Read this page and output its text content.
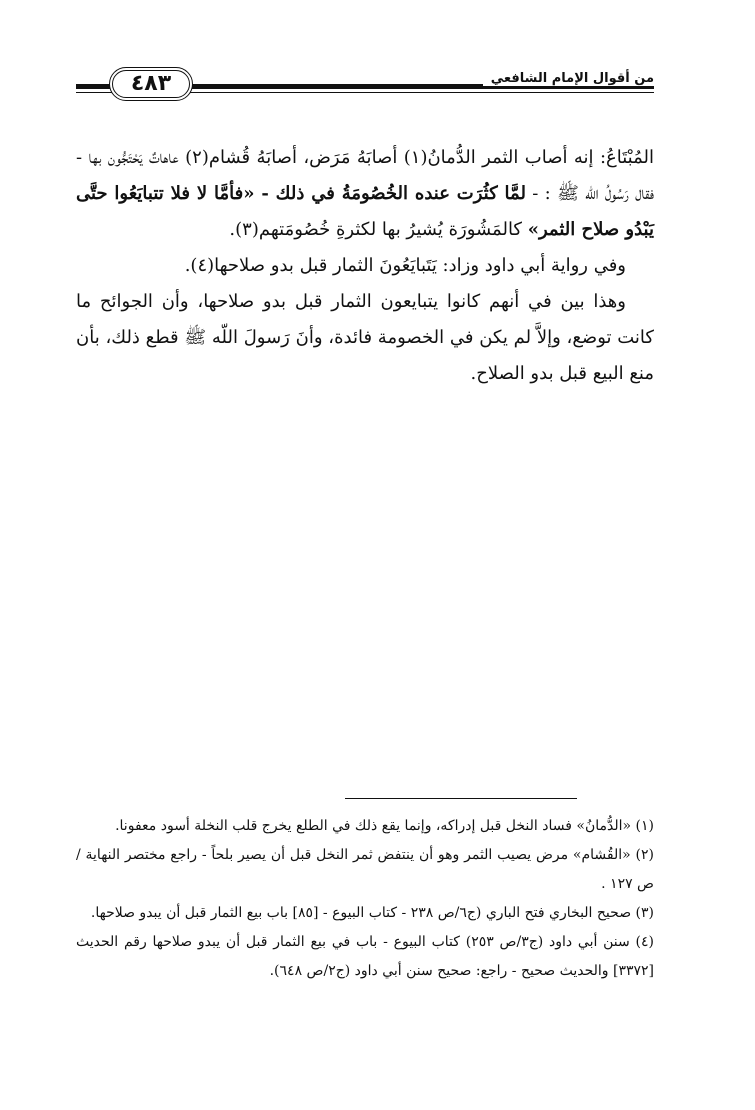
٤٨٣	من أقوال الإمام الشافعي

المُبْتَاعُ: إنه أصاب الثمر الدُّمانُ(١) أصابَهُ مَرَض، أصابَهُ قُشام(٢) عاهاتٌ يَحْتَجُّون بها - فقال رَسُولُ اللّه ﷺ : - لمَّا كثُرَت عنده الخُصُومَةُ في ذلك - «فأمَّا لا فلا تتبايَعُوا حتَّى يَبْدُو صلاح الثمر» كالمَشُورَة يُشيرُ بها لكثرةِ خُصُومَتهم(٣).

وفي رواية أبي داود وزاد: يَتَبايَعُونَ الثمار قبل بدو صلاحها(٤).

وهذا بين في أنهم كانوا يتبايعون الثمار قبل بدو صلاحها، وأن الجوائح ما كانت توضع، وإلاَّ لم يكن في الخصومة فائدة، وأنَ رَسولَ اللّه ﷺ قطع ذلك، بأن منع البيع قبل بدو الصلاح.

(١) «الدُّمانُ» فساد النخل قبل إدراكه، وإنما يقع ذلك في الطلع يخرج قلب النخلة أسود معفونا.

(٢) «القُشام» مرض يصيب الثمر وهو أن ينتفض ثمر النخل قبل أن يصير بلحاً - راجع مختصر النهاية / ص ١٢٧ .

(٣) صحيح البخاري فتح الباري (ج٦/ص ٢٣٨ - كتاب البيوع - [٨٥] باب بيع الثمار قبل أن يبدو صلاحها.

(٤) سنن أبي داود (ج٣/ص ٢٥٣) كتاب البيوع - باب في بيع الثمار قبل أن يبدو صلاحها رقم الحديث [٣٣٧٢] والحديث صحيح - راجع: صحيح سنن أبي داود (ج٢/ص ٦٤٨).
